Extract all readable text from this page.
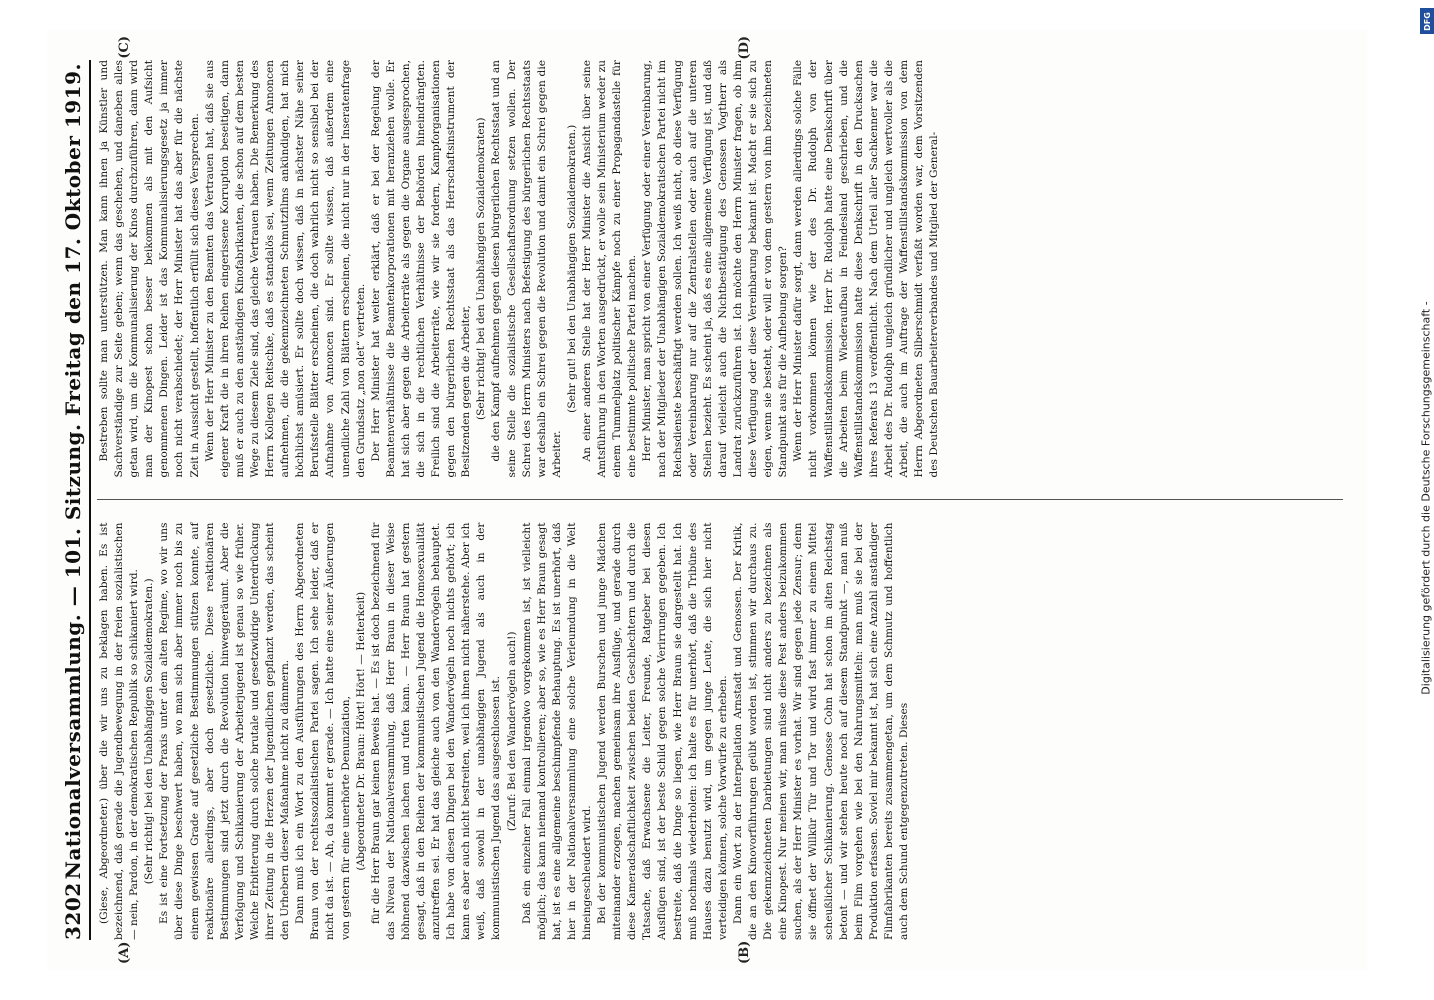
3202
Nationalversammlung. — 101. Sitzung. Freitag den 17. Oktober 1919.
(A)	(B)

(Giese, Abgeordneter.) über die wir uns zu beklagen haben. Es ist bezeichnend, daß gerade die Jugendbewegung in der freien sozialistischen — nein, Pardon, in der demokratischen Republik so schikaniert wird. (Sehr richtig! bei den Unabhängigen Sozialdemokraten.) Es ist eine Fortsetzung der Praxis unter dem alten Regime, wo wir uns über diese Dinge beschwert haben, wo man sich aber immer noch bis zu einem gewissen Grade auf gesetzliche Bestimmungen stützen konnte, auf reaktionäre allerdings, aber doch gesetzliche. Diese reaktionären Bestimmungen sind jetzt durch die Revolution hinweggeräumt. Aber die Verfolgung und Schikanierung der Arbeiterjugend ist genau so wie früher. Welche Erbitterung durch solche brutale und gesetzwidrige Unterdrückung ihrer Zeitung in die Herzen der Jugendlichen gepflanzt werden, das scheint den Urhebern dieser Maßnahme nicht zu dämmern. Dann muß ich ein Wort zu den Ausführungen des Herrn Abgeordneten Braun von der rechtssozialistischen Partei sagen. Ich sehe leider, daß er nicht da ist. — Ah, da kommt er gerade. — Ich hatte eine seiner Äußerungen von gestern für eine unerhörte Denunziation, (Abgeordneter Dr. Braun: Hört! Hört! — Heiterkeit) für die Herr Braun gar keinen Beweis hat. — Es ist doch bezeichnend für das Niveau der Nationalversammlung, daß Herr Braun in dieser Weise höhnend dazwischen lachen und rufen kann. — Herr Braun hat gestern gesagt, daß in den Reihen der kommunistischen Jugend die Homosexualität anzutreffen sei. Er hat das gleiche auch von den Wandervögeln behauptet. Ich habe von diesen Dingen bei den Wandervögeln noch nichts gehört; ich kann es aber auch nicht bestreiten, weil ich ihnen nicht näherstehe. Aber ich weiß, daß sowohl in der unabhängigen Jugend als auch in der kommunistischen Jugend das ausgeschlossen ist. (Zuruf: Bei den Wandervögeln auch!) Daß ein einzelner Fall einmal irgendwo vorgekommen ist, ist vielleicht möglich; das kann niemand kontrollieren; aber so, wie es Herr Braun gesagt hat, ist es eine allgemeine beschimpfende Behauptung. Es ist unerhört, daß hier in der Nationalversammlung eine solche Verleumdung in die Welt hineingeschleudert wird. Bei der kommunistischen Jugend werden Burschen und junge Mädchen miteinander erzogen, machen gemeinsam ihre Ausflüge, und gerade durch diese Kameradschaftlichkeit zwischen beiden Geschlechtern und durch die Tatsache, daß Erwachsene die Leiter, Freunde, Ratgeber bei diesen Ausflügen sind, ist der beste Schild gegen solche Verirrungen gegeben. Ich bestreite, daß die Dinge so liegen, wie Herr Braun sie dargestellt hat. Ich muß nochmals wiederholen: ich halte es für unerhört, daß die Tribüne des Hauses dazu benutzt wird, um gegen junge Leute, die sich hier nicht verteidigen können, solche Vorwürfe zu erheben. Dann ein Wort zu der Interpellation Arnstadt und Genossen. Der Kritik, die an den Kinovorführungen geübt worden ist, stimmen wir durchaus zu. Die gekennzeichneten Darbietungen sind nicht anders zu bezeichnen als eine Kinopest. Nur meinen wir, man müsse diese Pest anders beizukommen suchen, als der Herr Minister es vorhat. Wir sind gegen jede Zensur; denn sie öffnet der Willkür Tür und Tor und wird fast immer zu einem Mittel scheußlicher Schikanierung. Genosse Cohn hat schon im alten Reichstag betont — und wir stehen heute noch auf diesem Standpunkt —, man muß beim Film vorgehen wie bei den Nahrungsmitteln: man muß sie bei der Produktion erfassen. Soviel mir bekannt ist, hat sich eine Anzahl anständiger Filmfabrikanten bereits zusammengetan, um dem Schmutz und hoffentlich auch dem Schund entgegenzutreten. Dieses

(C)	(D)

Bestreben sollte man unterstützen. Man kann ihnen ja Künstler und Sachverständige zur Seite geben; wenn das geschehen, und daneben alles getan wird, um die Kommunalisierung der Kinos durchzuführen, dann wird man der Kinopest schon besser beikommen als mit den Aufsicht genommenen Dingen. Leider ist das Kommunalisierungsgesetz ja immer noch nicht verabschiedet; der Herr Minister hat das aber für die nächste Zeit in Aussicht gestellt, hoffentlich erfüllt sich dieses Versprechen. Wenn der Herr Minister zu den Beamten das Vertrauen hat, daß sie aus eigener Kraft die in ihren Reihen eingerissene Korruption beseitigen, dann muß er auch zu den anständigen Kinofabrikanten, die schon auf dem besten Wege zu diesem Ziele sind, das gleiche Vertrauen haben. Die Bemerkung des Herrn Kollegen Reitschke, daß es standalös sei, wenn Zeitungen Annoncen aufnehmen, die die gekennzeichneten Schmutzfilms ankündigen, hat mich höchlichst amüsiert. Er sollte doch wissen, daß in nächster Nähe seiner Berufsstelle Blätter erscheinen, die doch wahrlich nicht so sensibel bei der Aufnahme von Annoncen sind. Er sollte wissen, daß außerdem eine unendliche Zahl von Blättern erscheinen, die nicht nur in der Inseratenfrage den Grundsatz „non olet“ vertreten. Der Herr Minister hat weiter erklärt, daß er bei der Regelung der Beamtenverhältnisse die Beamtenkorporationen mit heranziehen wolle. Er hat sich aber gegen die Arbeiterräte als gegen die Organe ausgesprochen, die sich in die rechtlichen Verhältnisse der Behörden hineindrängten. Freilich sind die Arbeiterräte, wie wir sie fordern, Kampforganisationen gegen den bürgerlichen Rechtsstaat als das Herrschaftsinstrument der Besitzenden gegen die Arbeiter, (Sehr richtig! bei den Unabhängigen Sozialdemokraten) die den Kampf aufnehmen gegen diesen bürgerlichen Rechtsstaat und an seine Stelle die sozialistische Gesellschaftsordnung setzen wollen. Der Schrei des Herrn Ministers nach Befestigung des bürgerlichen Rechtsstaats war deshalb ein Schrei gegen die Revolution und damit ein Schrei gegen die Arbeiter.

(Sehr gut! bei den Unabhängigen Sozialdemokraten.) An einer anderen Stelle hat der Herr Minister die Ansicht über seine Amtsführung in den Worten ausgedrückt, er wolle sein Ministerium weder zu einem Tummelplatz politischer Kämpfe noch zu einer Propagandastelle für eine bestimmte politische Partei machen. Herr Minister, man spricht von einer Verfügung oder einer Vereinbarung, nach der Mitglieder der Unabhängigen Sozialdemokratischen Partei nicht im Reichsdienste beschäftigt werden sollen. Ich weiß nicht, ob diese Verfügung oder Vereinbarung nur auf die Zentralstellen oder auch auf die unteren Stellen bezieht. Es scheint ja, daß es eine allgemeine Verfügung ist, und daß darauf vielleicht auch die Nichtbestätigung des Genossen Vogtherr als Landrat zurückzuführen ist. Ich möchte den Herrn Minister fragen, ob ihm diese Verfügung oder diese Vereinbarung bekannt ist. Macht er sie sich zu eigen, wenn sie besteht, oder will er von dem gestern von ihm bezeichneten Standpunkt aus für die Aufhebung sorgen? Wenn der Herr Minister dafür sorgt, dann werden allerdings solche Fälle nicht vorkommen können wie der des Dr. Rudolph von der Waffenstillstandskommission. Herr Dr. Rudolph hatte eine Denkschrift über die Arbeiten beim Wiederaufbau in Feindesland geschrieben, und die Waffenstillstandskommission hatte diese Denkschrift in den Drucksachen ihres Referats 13 veröffentlicht. Nach dem Urteil aller Sachkenner war die Arbeit des Dr. Rudolph ungleich gründlicher und ungleich wertvoller als die Arbeit, die auch im Auftrage der Waffenstillstandskommission von dem Herrn Abgeordneten Silberschmidt verfaßt worden war, dem Vorsitzenden des Deutschen Bauarbeiterverbandes und Mitglied der General-	Digitalisierung gefördert durch die Deutsche Forschungsgemeinschaft -
DFG
